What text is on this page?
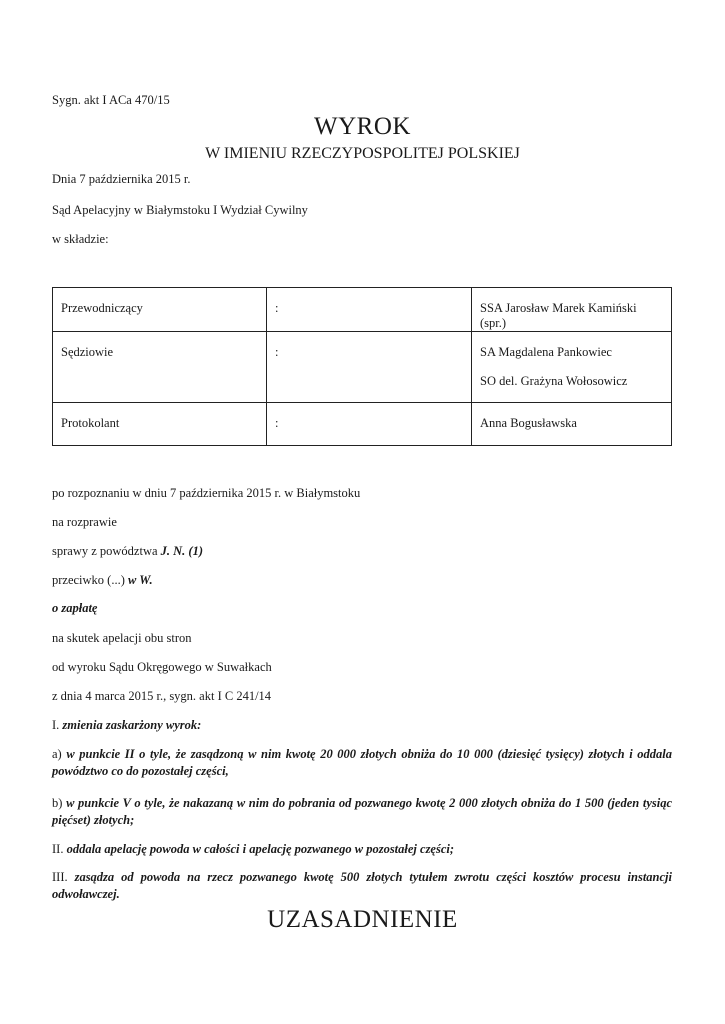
Sygn. akt I ACa 470/15
WYROK
W IMIENIU RZECZYPOSPOLITEJ POLSKIEJ
Dnia 7 października 2015 r.
Sąd Apelacyjny w Białymstoku I Wydział Cywilny
w składzie:
Przewodniczący	:	SSA Jarosław Marek Kamiński (spr.)
Sędziowie	:	SA Magdalena Pankowiec
SO del. Grażyna Wołosowicz

Protokolant	:	Anna Bogusławska
po rozpoznaniu w dniu 7 października 2015 r. w Białymstoku
na rozprawie
sprawy z powództwa J. N. (1)
przeciwko (...) w W.
o zapłatę
na skutek apelacji obu stron
od wyroku Sądu Okręgowego w Suwałkach
z dnia 4 marca 2015 r., sygn. akt I C 241/14
I. zmienia zaskarżony wyrok:
a) w punkcie II o tyle, że zasądzoną w nim kwotę 20 000 złotych obniża do 10 000 (dziesięć tysięcy) złotych i oddala powództwo co do pozostałej części,
b) w punkcie V o tyle, że nakazaną w nim do pobrania od pozwanego kwotę 2 000 złotych obniża do 1 500 (jeden tysiąc pięćset) złotych;
II. oddala apelację powoda w całości i apelację pozwanego w pozostałej części;
III. zasądza od powoda na rzecz pozwanego kwotę 500 złotych tytułem zwrotu części kosztów procesu instancji odwoławczej.
UZASADNIENIE
